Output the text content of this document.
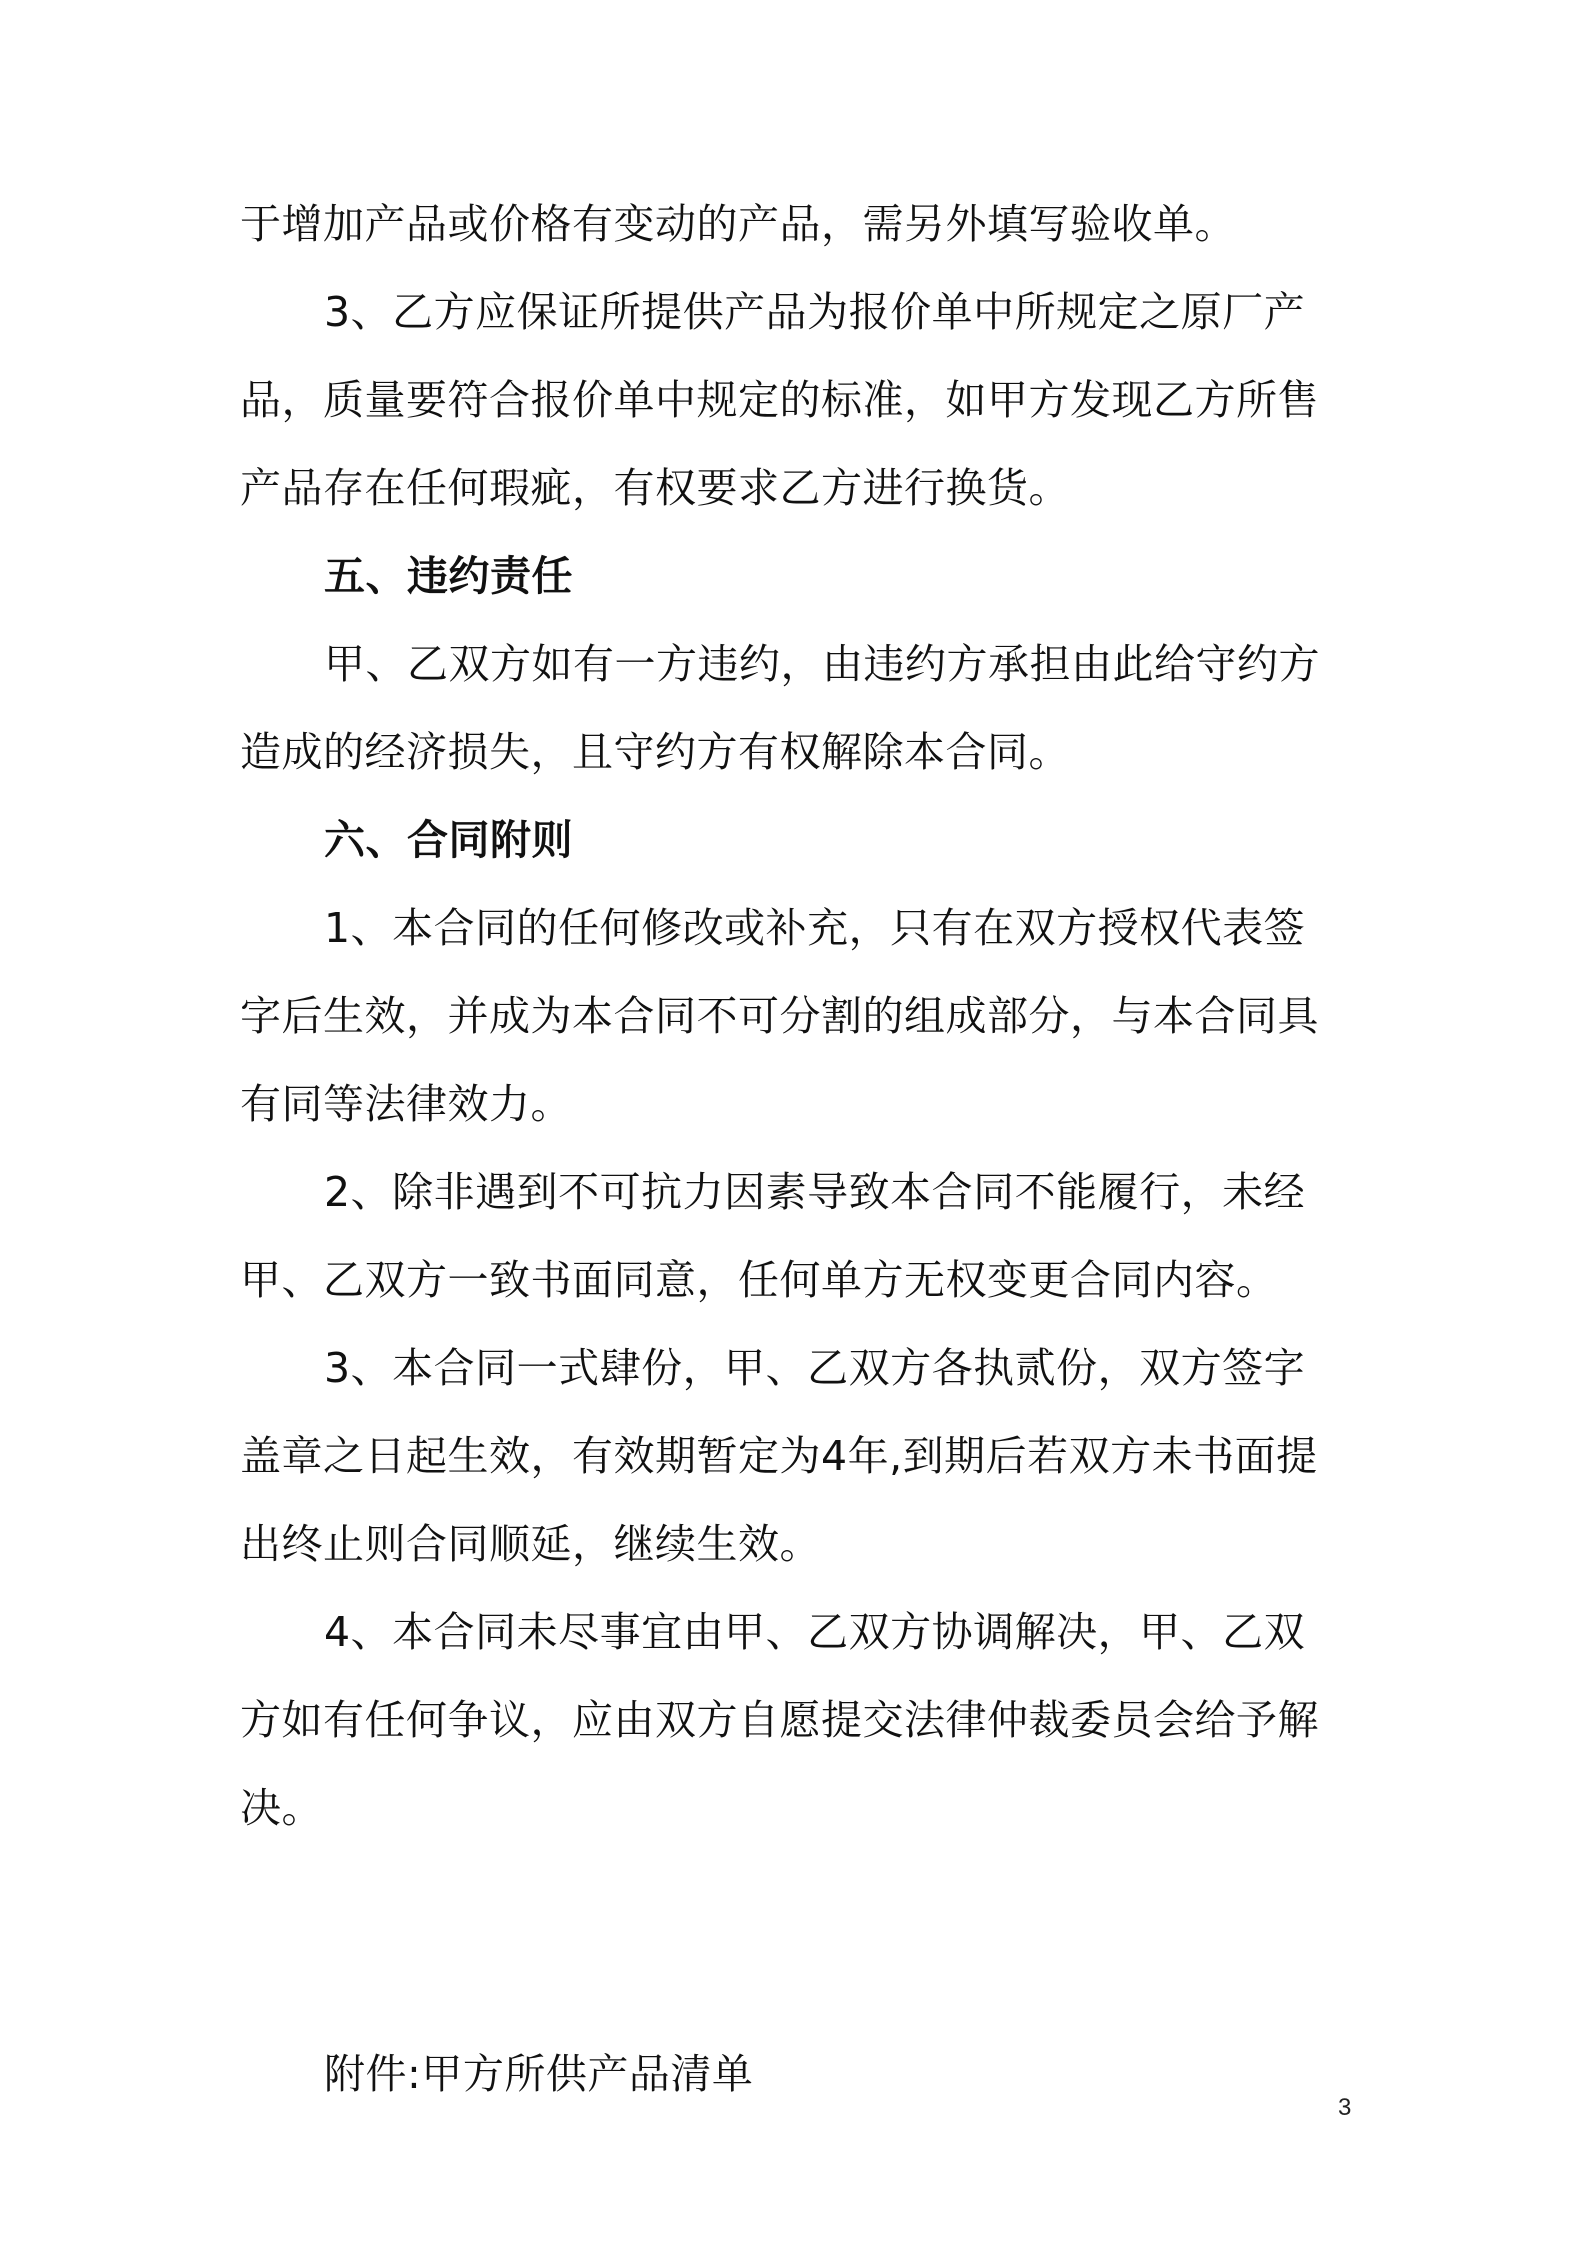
于增加产品或价格有变动的产品，需另外填写验收单。
3、乙方应保证所提供产品为报价单中所规定之原厂产
品，质量要符合报价单中规定的标准，如甲方发现乙方所售
产品存在任何瑕疵，有权要求乙方进行换货。
五、违约责任
甲、乙双方如有一方违约，由违约方承担由此给守约方
造成的经济损失，且守约方有权解除本合同。
六、合同附则
1、本合同的任何修改或补充，只有在双方授权代表签
字后生效，并成为本合同不可分割的组成部分，与本合同具
有同等法律效力。
2、除非遇到不可抗力因素导致本合同不能履行，未经
甲、乙双方一致书面同意，任何单方无权变更合同内容。
3、本合同一式肆份，甲、乙双方各执贰份，双方签字
盖章之日起生效，有效期暂定为4年,到期后若双方未书面提
出终止则合同顺延，继续生效。
4、本合同未尽事宜由甲、乙双方协调解决，甲、乙双
方如有任何争议，应由双方自愿提交法律仲裁委员会给予解
决。
附件:甲方所供产品清单
3
